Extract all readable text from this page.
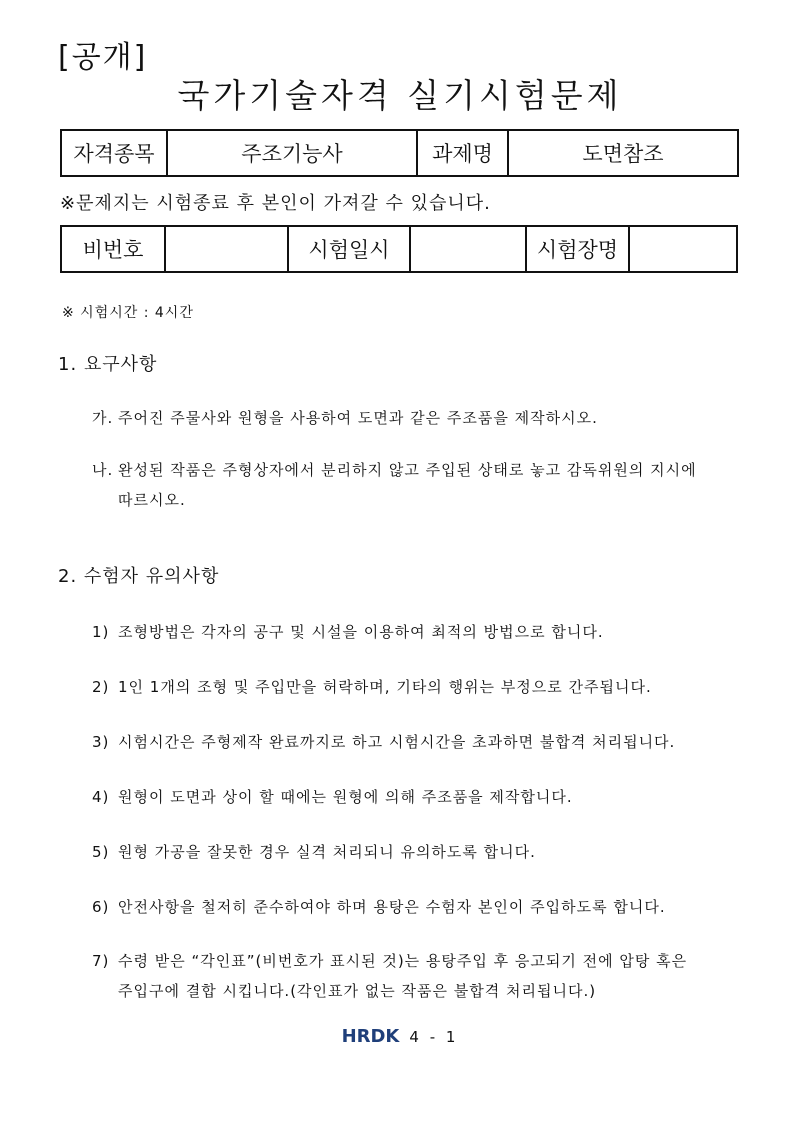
[공개]
국가기술자격 실기시험문제
자격종목	주조기능사	과제명	도면참조
※문제지는 시험종료 후 본인이 가져갈 수 있습니다.
비번호		시험일시		시험장명	
※ 시험시간 : 4시간
1. 요구사항
가. 주어진 주물사와 원형을 사용하여 도면과 같은 주조품을 제작하시오.
나. 완성된 작품은 주형상자에서 분리하지 않고 주입된 상태로 놓고 감독위원의 지시에
따르시오.
2. 수험자 유의사항
1) 조형방법은 각자의 공구 및 시설을 이용하여 최적의 방법으로 합니다.
2) 1인 1개의 조형 및 주입만을 허락하며, 기타의 행위는 부정으로 간주됩니다.
3) 시험시간은 주형제작 완료까지로 하고 시험시간을 초과하면 불합격 처리됩니다.
4) 원형이 도면과 상이 할 때에는 원형에 의해 주조품을 제작합니다.
5) 원형 가공을 잘못한 경우 실격 처리되니 유의하도록 합니다.
6) 안전사항을 철저히 준수하여야 하며 용탕은 수험자 본인이 주입하도록 합니다.
7) 수령 받은 “각인표”(비번호가 표시된 것)는 용탕주입 후 응고되기 전에 압탕 혹은
주입구에 결합 시킵니다.(각인표가 없는 작품은 불합격 처리됩니다.)
HRDK 4 - 1
